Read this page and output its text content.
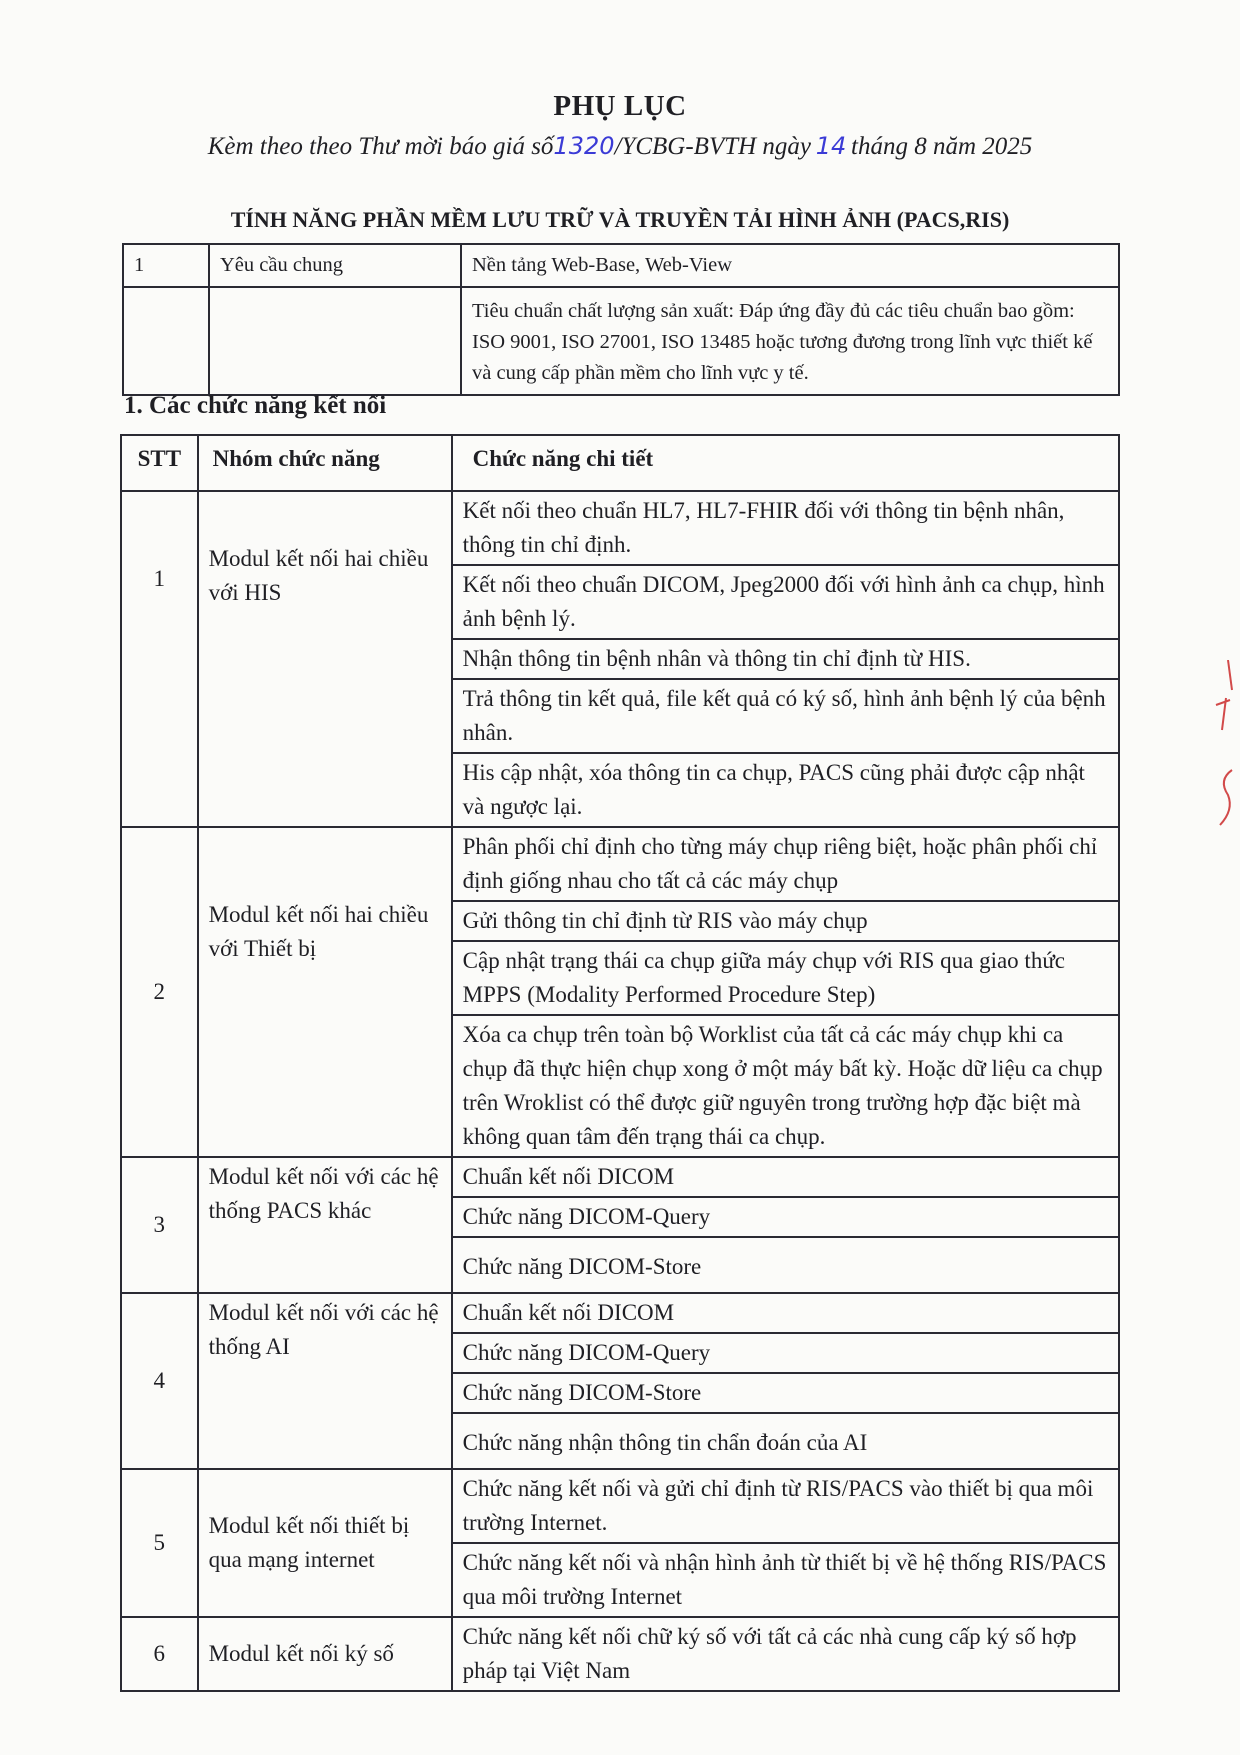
PHỤ LỤC
Kèm theo theo Thư mời báo giá số1320/YCBG-BVTH ngày 14 tháng 8 năm 2025
TÍNH NĂNG PHẦN MỀM LƯU TRỮ VÀ TRUYỀN TẢI HÌNH ẢNH (PACS,RIS)
1	Yêu cầu chung	Nền tảng Web-Base, Web-View
		Tiêu chuẩn chất lượng sản xuất: Đáp ứng đầy đủ các tiêu chuẩn bao gồm: ISO 9001, ISO 27001, ISO 13485 hoặc tương đương trong lĩnh vực thiết kế và cung cấp phần mềm cho lĩnh vực y tế.
1. Các chức năng kết nối
STT	Nhóm chức năng	Chức năng chi tiết
1	Modul kết nối hai chiều với HIS	Kết nối theo chuẩn HL7, HL7-FHIR đối với thông tin bệnh nhân, thông tin chỉ định.
		Kết nối theo chuẩn DICOM, Jpeg2000 đối với hình ảnh ca chụp, hình ảnh bệnh lý.
		Nhận thông tin bệnh nhân và thông tin chỉ định từ HIS.
		Trả thông tin kết quả, file kết quả có ký số, hình ảnh bệnh lý của bệnh nhân.
		His cập nhật, xóa thông tin ca chụp, PACS cũng phải được cập nhật và ngược lại.
2	Modul kết nối hai chiều với Thiết bị	Phân phối chỉ định cho từng máy chụp riêng biệt, hoặc phân phối chỉ định giống nhau cho tất cả các máy chụp
		Gửi thông tin chỉ định từ RIS vào máy chụp
		Cập nhật trạng thái ca chụp giữa máy chụp với RIS qua giao thức MPPS (Modality Performed Procedure Step)
		Xóa ca chụp trên toàn bộ Worklist của tất cả các máy chụp khi ca chụp đã thực hiện chụp xong ở một máy bất kỳ. Hoặc dữ liệu ca chụp trên Wroklist có thể được giữ nguyên trong trường hợp đặc biệt mà không quan tâm đến trạng thái ca chụp.
3	Modul kết nối với các hệ thống PACS khác	Chuẩn kết nối DICOM
		Chức năng DICOM-Query
		Chức năng DICOM-Store
4	Modul kết nối với các hệ thống AI	Chuẩn kết nối DICOM
		Chức năng DICOM-Query
		Chức năng DICOM-Store
		Chức năng nhận thông tin chẩn đoán của AI
5	Modul kết nối thiết bị qua mạng internet	Chức năng kết nối và gửi chỉ định từ RIS/PACS vào thiết bị qua môi trường Internet.
		Chức năng kết nối và nhận hình ảnh từ thiết bị về hệ thống RIS/PACS qua môi trường Internet
6	Modul kết nối ký số	Chức năng kết nối chữ ký số với tất cả các nhà cung cấp ký số hợp pháp tại Việt Nam
